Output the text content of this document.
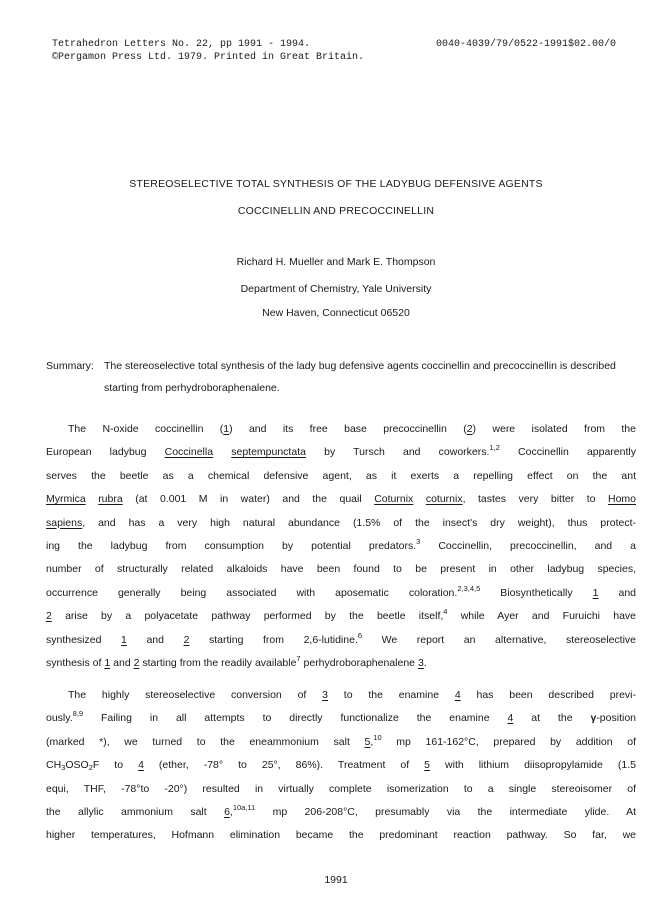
Tetrahedron Letters No. 22, pp 1991 - 1994.
©Pergamon Press Ltd. 1979. Printed in Great Britain.
0040-4039/79/0522-1991$02.00/0
STEREOSELECTIVE TOTAL SYNTHESIS OF THE LADYBUG DEFENSIVE AGENTS
COCCINELLIN AND PRECOCCINELLIN
Richard H. Mueller and Mark E. Thompson
Department of Chemistry, Yale University
New Haven, Connecticut 06520
Summary: The stereoselective total synthesis of the lady bug defensive agents coccinellin and precoccinellin is described starting from perhydroboraphenalene.
The N-oxide coccinellin (1) and its free base precoccinellin (2) were isolated from the
European ladybug Coccinella septempunctata by Tursch and coworkers.$^{1,2}$ Coccinellin apparently
serves the beetle as a chemical defensive agent, as it exerts a repelling effect on the ant
Myrmica rubra (at 0.001 M in water) and the quail Coturnix coturnix, tastes very bitter to Homo
sapiens, and has a very high natural abundance (1.5% of the insect's dry weight), thus protect-
ing the ladybug from consumption by potential predators.$^3$ Coccinellin, precoccinellin, and a
number of structurally related alkaloids have been found to be present in other ladybug species,
occurrence generally being associated with aposematic coloration.$^{2,3,4,5}$ Biosynthetically 1 and
2 arise by a polyacetate pathway performed by the beetle itself,$^4$ while Ayer and Furuichi have
synthesized 1 and 2 starting from 2,6-lutidine.$^6$ We report an alternative, stereoselective
synthesis of 1 and 2 starting from the readily available$^7$ perhydroboraphenalene 3.
The highly stereoselective conversion of 3 to the enamine 4 has been described previ-
ously.$^{8,9}$ Failing in all attempts to directly functionalize the enamine 4 at the γ-position
(marked *), we turned to the eneammonium salt 5,10 mp 161-162°C, prepared by addition of
$CH_3OSO_2F$ to 4 (ether, -78° to 25°, 86%). Treatment of 5 with lithium diisopropylamide (1.5
equi, THF, -78°to -20°) resulted in virtually complete isomerization to a single stereoisomer of
the allylic ammonium salt 6,$^{10a,11}$ mp 206-208°C, presumably via the intermediate ylide. At
higher temperatures, Hofmann elimination became the predominant reaction pathway. So far, we
1991
